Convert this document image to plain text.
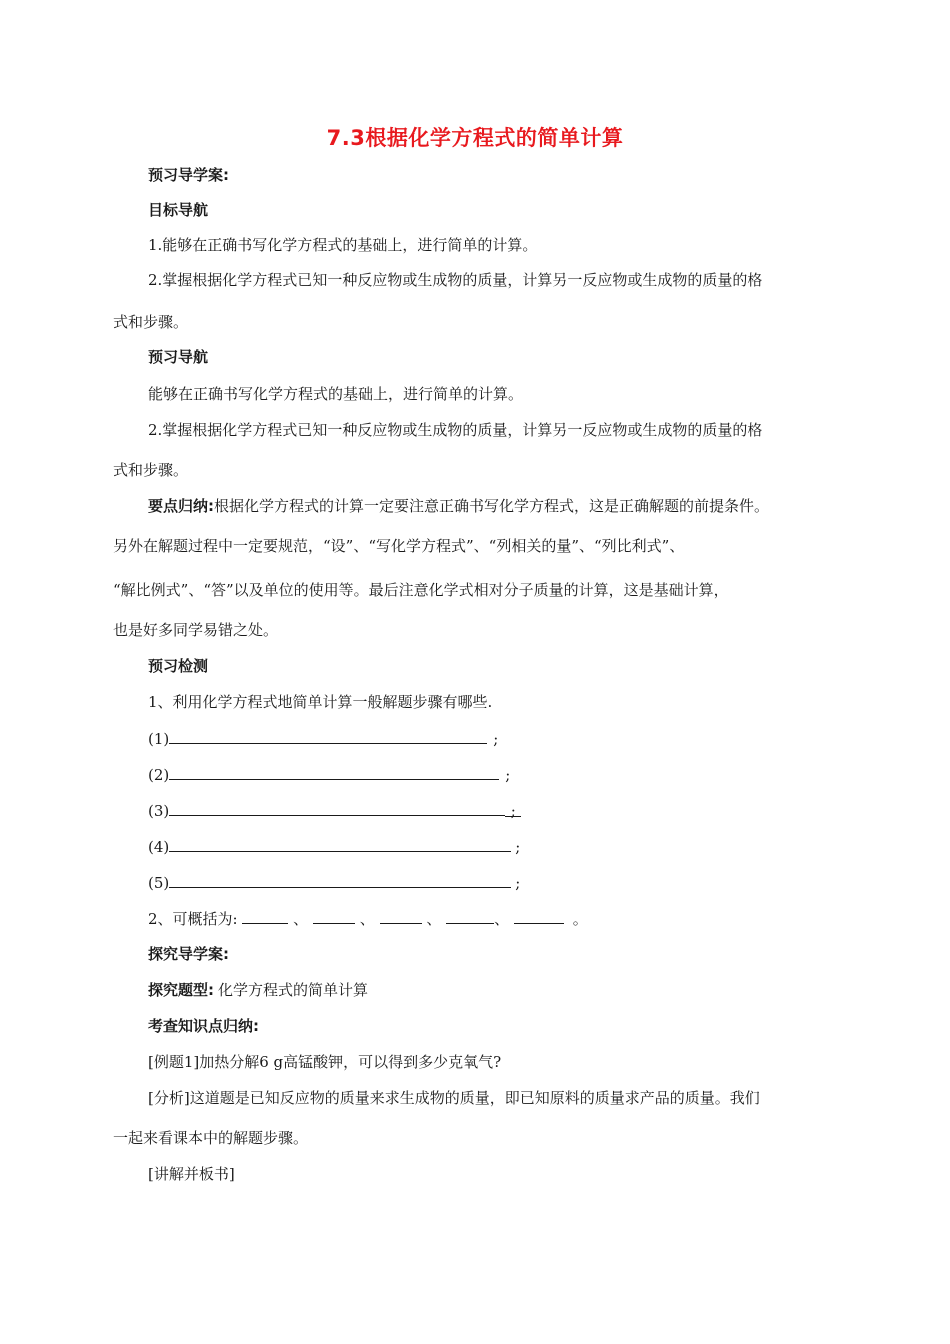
7.3根据化学方程式的简单计算
预习导学案:
目标导航
1.能够在正确书写化学方程式的基础上，进行简单的计算。
2.掌握根据化学方程式已知一种反应物或生成物的质量，计算另一反应物或生成物的质量的格
式和步骤。
预习导航
能够在正确书写化学方程式的基础上，进行简单的计算。
2.掌握根据化学方程式已知一种反应物或生成物的质量，计算另一反应物或生成物的质量的格
式和步骤。
要点归纳:根据化学方程式的计算一定要注意正确书写化学方程式，这是正确解题的前提条件。
另外在解题过程中一定要规范，“设”、“写化学方程式”、“列相关的量”、“列比利式”、
“解比例式”、“答”以及单位的使用等。最后注意化学式相对分子质量的计算，这是基础计算，
也是好多同学易错之处。
预习检测
1、利用化学方程式地简单计算一般解题步骤有哪些.
(1)	;
(2)	;
(3)	;
(4)	;
(5)	;
2、可概括为:	、	、	、	、	。
探究导学案:
探究题型: 化学方程式的简单计算
考查知识点归纳:
[例题1]加热分解6 g高锰酸钾，可以得到多少克氧气?
[分析]这道题是已知反应物的质量来求生成物的质量，即已知原料的质量求产品的质量。我们
一起来看课本中的解题步骤。
[讲解并板书]
